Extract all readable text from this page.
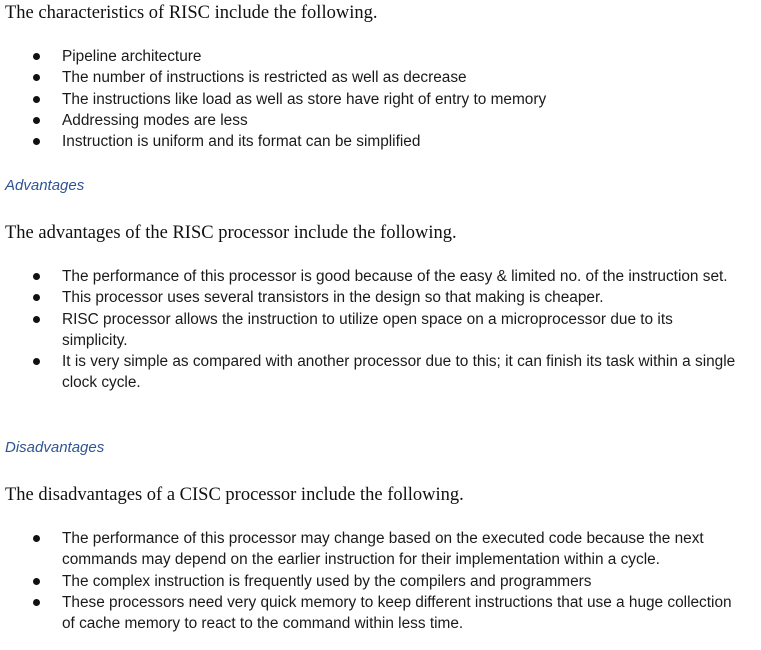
The characteristics of RISC include the following.

Pipeline architecture
The number of instructions is restricted as well as decrease
The instructions like load as well as store have right of entry to memory
Addressing modes are less
Instruction is uniform and its format can be simplified

Advantages

The advantages of the RISC processor include the following.

The performance of this processor is good because of the easy & limited no. of the instruction set.
This processor uses several transistors in the design so that making is cheaper.
RISC processor allows the instruction to utilize open space on a microprocessor due to its simplicity.
It is very simple as compared with another processor due to this; it can finish its task within a single clock cycle.

Disadvantages

The disadvantages of a CISC processor include the following.

The performance of this processor may change based on the executed code because the next commands may depend on the earlier instruction for their implementation within a cycle.
The complex instruction is frequently used by the compilers and programmers
These processors need very quick memory to keep different instructions that use a huge collection of cache memory to react to the command within less time.
